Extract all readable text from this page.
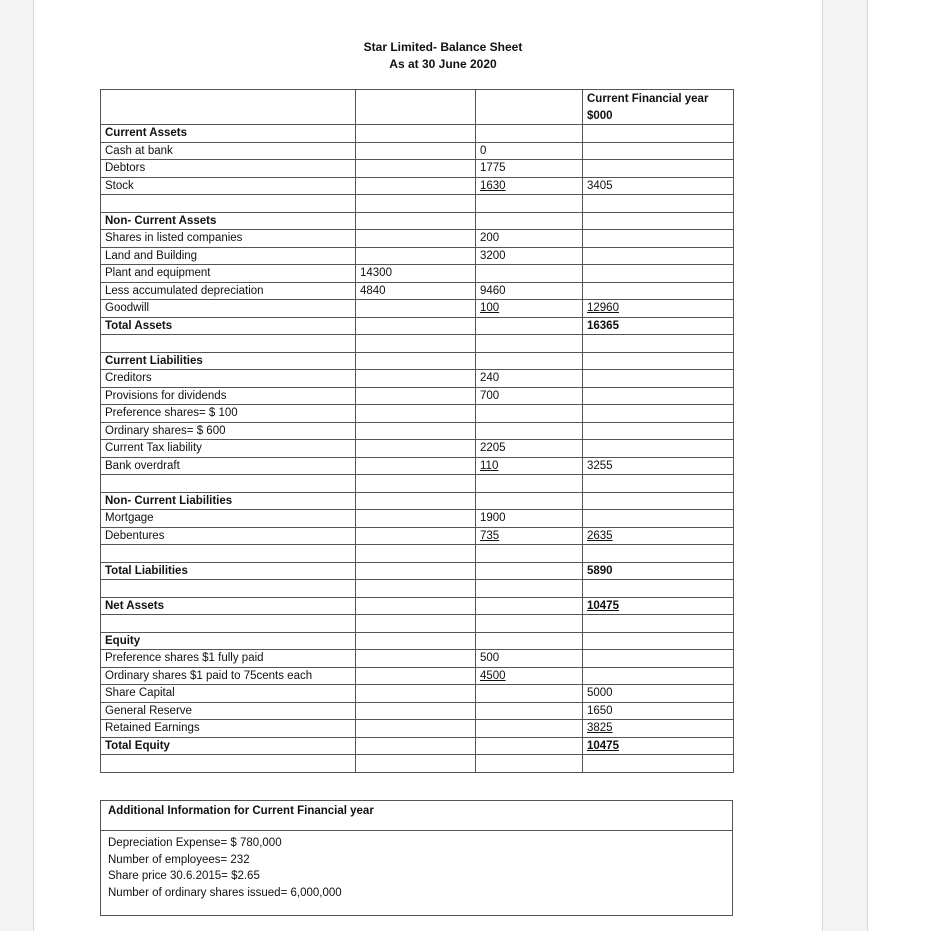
Star Limited- Balance Sheet
As at 30 June 2020

			Current Financial year
$000

Current Assets			
Cash at bank		0	
Debtors		1775	
Stock		1630	3405

Non- Current Assets			
Shares in listed companies		200	
Land and Building		3200	
Plant and equipment	14300		
Less accumulated depreciation	4840	9460	
Goodwill		100	12960
Total Assets			16365

Current Liabilities			
Creditors		240	
Provisions for dividends		700	
Preference shares= $ 100			
Ordinary shares= $ 600			
Current Tax liability		2205	
Bank overdraft		110	3255

Non- Current Liabilities			
Mortgage		1900	
Debentures		735	2635

Total Liabilities			5890

Net Assets			10475

Equity			
Preference shares $1 fully paid		500	
Ordinary shares $1 paid to 75cents each		4500	
Share Capital			5000
General Reserve			1650
Retained Earnings			3825
Total Equity			10475

Additional Information for Current Financial year
Depreciation Expense= $ 780,000
Number of employees= 232
Share price 30.6.2015= $2.65
Number of ordinary shares issued= 6,000,000
